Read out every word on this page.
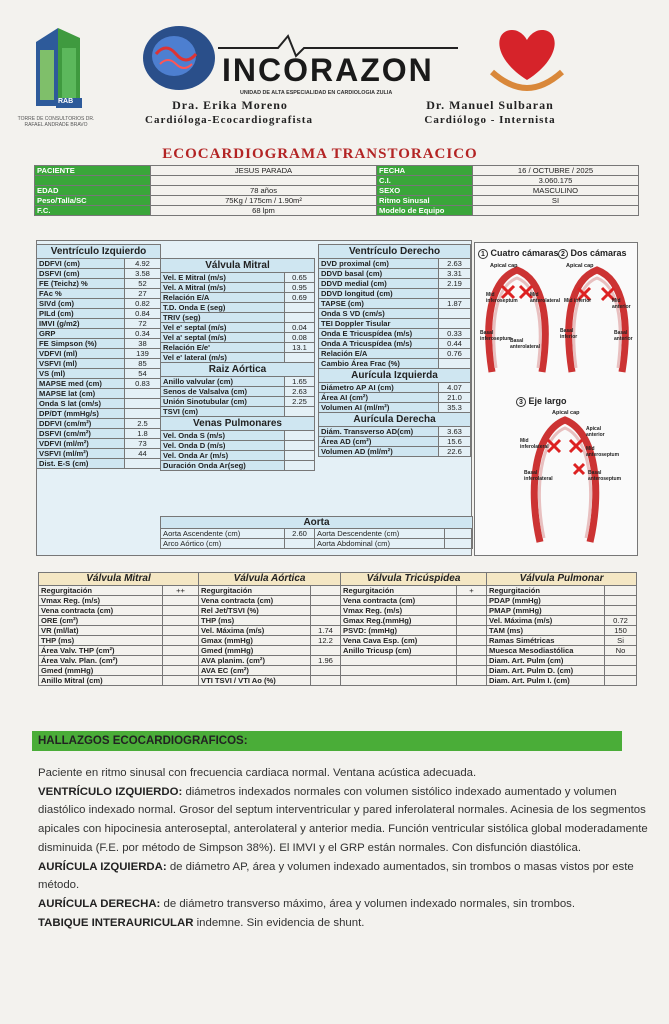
RAB
TORRE DE CONSULTORIOS DR. RAFAEL ANDRADE BRAVO
INCORAZON
UNIDAD DE ALTA ESPECIALIDAD EN CARDIOLOGIA ZULIA
Dra. Erika Moreno
Cardióloga-Ecocardiografista
Dr. Manuel Sulbaran
Cardiólogo - Internista
ECOCARDIOGRAMA TRANSTORACICO
PACIENTE	JESUS PARADA	FECHA	16 / OCTUBRE / 2025
		C.I.	3.060.175
EDAD	78 años	SEXO	MASCULINO
Peso/Talla/SC	75Kg / 175cm / 1.90m²	Ritmo Sinusal	SI
F.C.	68 lpm	Modelo de Equipo	
Ventrículo Izquierdo	
DDFVI (cm)	4.92
DSFVI (cm)	3.58
FE (Teichz) %	52
FAc %	27
SIVd (cm)	0.82
PILd (cm)	0.84
IMVI (g/m2)	72
GRP	0.34
FE Simpson (%)	38
VDFVI (ml)	139
VSFVI (ml)	85
VS (ml)	54
MAPSE med (cm)	0.83
MAPSE lat (cm)	
Onda S lat (cm/s)	
DP/DT (mmHg/s)	
DDFVI (cm/m²)	2.5
DSFVI (cm/m²)	1.8
VDFVI (ml/m²)	73
VSFVI (ml/m²)	44
Dist. E-S (cm)	
Válvula Mitral	
Vel. E Mitral (m/s)	0.65
Vel. A Mitral (m/s)	0.95
Relación E/A	0.69
T.D. Onda E (seg)	
TRIV (seg)	
Vel e' septal (m/s)	0.04
Vel a' septal (m/s)	0.08
Relación E/e'	13.1
Vel e' lateral (m/s)	
Raiz Aórtica	
Anillo valvular (cm)	1.65
Senos de Valsalva (cm)	2.63
Unión Sinotubular (cm)	2.25
TSVI (cm)	
Venas Pulmonares	
Vel. Onda S (m/s)	
Vel. Onda D (m/s)	
Vel. Onda Ar (m/s)	
Duración Onda Ar(seg)	
Ventrículo Derecho	
DVD proximal (cm)	2.63
DDVD basal (cm)	3.31
DDVD medial (cm)	2.19
DDVD longitud (cm)	
TAPSE (cm)	1.87
Onda S VD (cm/s)	
TEI Doppler Tisular	
Onda E Tricuspídea (m/s)	0.33
Onda A Tricuspídea (m/s)	0.44
Relación E/A	0.76
Cambio Área Frac (%)	
Aurícula Izquierda	
Diámetro AP AI (cm)	4.07
Área AI (cm²)	21.0
Volumen AI (ml/m²)	35.3
Aurícula Derecha	
Diám. Transverso AD(cm)	3.63
Área AD (cm²)	15.6
Volumen AD (ml/m²)	22.6
Aorta			
Aorta Ascendente (cm)	2.60	Aorta Descendente (cm)	
Arco Aórtico (cm)		Aorta Abdominal (cm)	
1 Cuatro cámaras 2 Dos cámaras
Apical cap
Mid inferoseptum
Mid anterolateral
Basal inferoseptum
Basal anterolateral
Apical cap
Mid inferior	Mid anterior
Basal inferior
Basal anterior
3 Eje largo
Apical cap
Apical anterior
Mid inferolateral	Mid anteroseptum
Basal inferolateral
Basal anteroseptum
Válvula Mitral		Válvula Aórtica		Válvula Tricúspidea		Válvula Pulmonar	
Regurgitación	++	Regurgitación		Regurgitación	+	Regurgitación	
Vmax Reg. (m/s)		Vena contracta (cm)		Vena contracta (cm)		PDAP (mmHg)	
Vena contracta (cm)		Rel Jet/TSVI (%)		Vmax Reg. (m/s)		PMAP (mmHg)	
ORE (cm²)		THP (ms)		Gmax Reg.(mmHg)		Vel. Máxima (m/s)	0.72
VR (ml/lat)		Vel. Máxima (m/s)	1.74	PSVD: (mmHg)		TAM (ms)	150
THP (ms)		Gmax (mmHg)	12.2	Vena Cava Esp. (cm)		Ramas Simétricas	Si
Área Valv. THP (cm²)		Gmed (mmHg)		Anillo Tricusp (cm)		Muesca Mesodiastólica	No
Área Valv. Plan. (cm²)		AVA planim. (cm²)	1.96			Diam. Art. Pulm (cm)	
Gmed (mmHg)		AVA EC (cm²)				Diam. Art. Pulm D. (cm)	
Anillo Mitral (cm)		VTI TSVI / VTI Ao (%)				Diam. Art. Pulm I. (cm)	
HALLAZGOS ECOCARDIOGRAFICOS:

Paciente en ritmo sinusal con frecuencia cardiaca normal. Ventana acústica adecuada.

VENTRÍCULO IZQUIERDO: diámetros indexados normales con volumen sistólico indexado aumentado y volumen diastólico indexado normal. Grosor del septum interventricular y pared inferolateral normales. Acinesia de los segmentos apicales con hipocinesia anteroseptal, anterolateral y anterior media. Función ventricular sistólica global moderadamente disminuida (F.E. por método de Simpson 38%). El IMVI y el GRP están normales. Con disfunción diastólica.

AURÍCULA IZQUIERDA: de diámetro AP, área y volumen indexado aumentados, sin trombos o masas vistos por este método.

AURÍCULA DERECHA: de diámetro transverso máximo, área y volumen indexado normales, sin trombos.

TABIQUE INTERAURICULAR indemne. Sin evidencia de shunt.
